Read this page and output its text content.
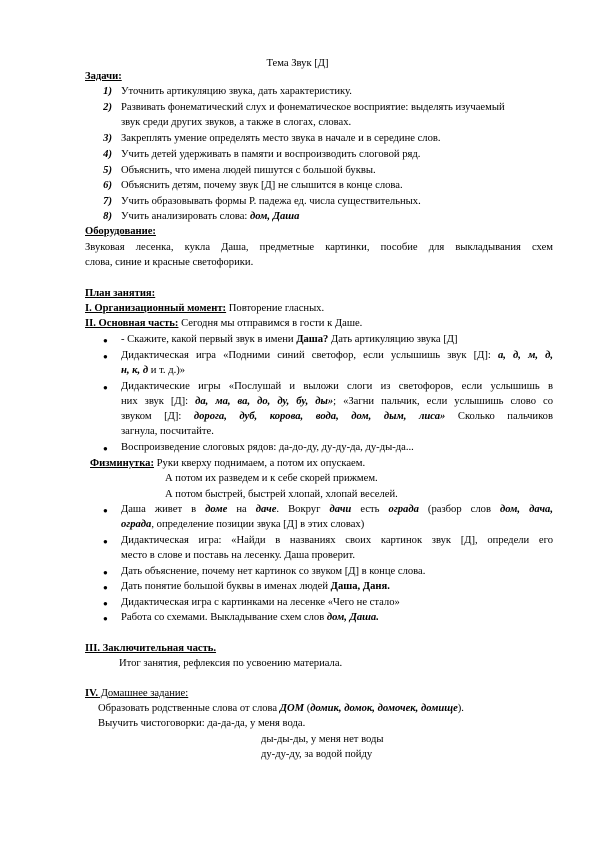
Тема Звук [Д]
Задачи:
1) Уточнить артикуляцию звука, дать характеристику.
2) Развивать фонематический слух и фонематическое восприятие: выделять изучаемый
звук среди других звуков, а также в слогах, словах.
3) Закреплять умение определять место звука в начале и в середине слов.
4) Учить детей удерживать в памяти и воспроизводить слоговой ряд.
5) Объяснить, что имена людей пишутся с большой буквы.
6) Объяснить детям, почему звук [Д] не слышится в конце слова.
7) Учить образовывать формы Р. падежа ед. числа существительных.
8) Учить анализировать слова: дом, Даша
Оборудование:
Звуковая лесенка, кукла Даша, предметные картинки, пособие для выкладывания схем
слова, синие и красные светофорики.
План занятия:
I. Организационный момент: Повторение гласных.
II. Основная часть: Сегодня мы отправимся в гости к Даше.
● - Скажите, какой первый звук в имени Даша? Дать артикуляцию звука [Д]
● Дидактическая игра «Подними синий светофор, если услышишь звук [Д]: а, д, м, д,
н, к, д и т. д.)»
● Дидактические игры «Послушай и выложи слоги из светофоров, если услышишь в
них звук [Д]: да, ма, ва, до, ду, бу, ды»; «Загни пальчик, если услышишь слово со
звуком [Д]: дорога, дуб, корова, вода, дом, дым, лиса» Сколько пальчиков
загнула, посчитайте.
● Воспроизведение слоговых рядов: да-до-ду, ду-ду-да, ду-ды-да...
Физминутка: Руки кверху поднимаем, а потом их опускаем.
А потом их разведем и к себе скорей прижмем.
А потом быстрей, быстрей хлопай, хлопай веселей.
● Даша живет в доме на даче. Вокруг дачи есть ограда (разбор слов дом, дача,
ограда, определение позиции звука [Д] в этих словах)
● Дидактическая игра: «Найди в названиях своих картинок звук [Д], определи его
место в слове и поставь на лесенку. Даша проверит.
● Дать объяснение, почему нет картинок со звуком [Д] в конце слова.
● Дать понятие большой буквы в именах людей Даша, Даня.
● Дидактическая игра с картинками на лесенке «Чего не стало»
● Работа со схемами. Выкладывание схем слов дом, Даша.
III. Заключительная часть.
Итог занятия, рефлексия по усвоению материала.
IV. Домашнее задание:
Образовать родственные слова от слова ДОМ (домик, домок, домочек, домище).
Выучить чистоговорки: да-да-да, у меня вода.
ды-ды-ды, у меня нет воды
ду-ду-ду, за водой пойду
